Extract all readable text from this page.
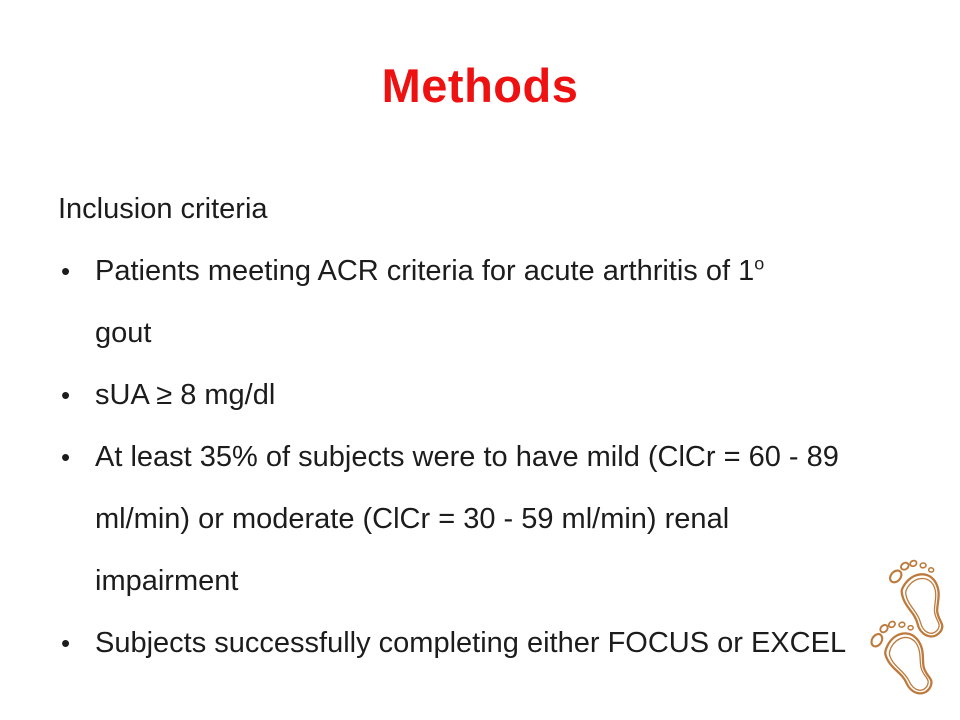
Methods
Inclusion criteria
• Patients meeting ACR criteria for acute arthritis of 1$^o$
gout
• sUA ≥ 8 mg/dl
• At least 35% of subjects were to have mild (ClCr = 60 - 89
ml/min) or moderate (ClCr = 30 - 59 ml/min) renal
impairment
• Subjects successfully completing either FOCUS or EXCEL
